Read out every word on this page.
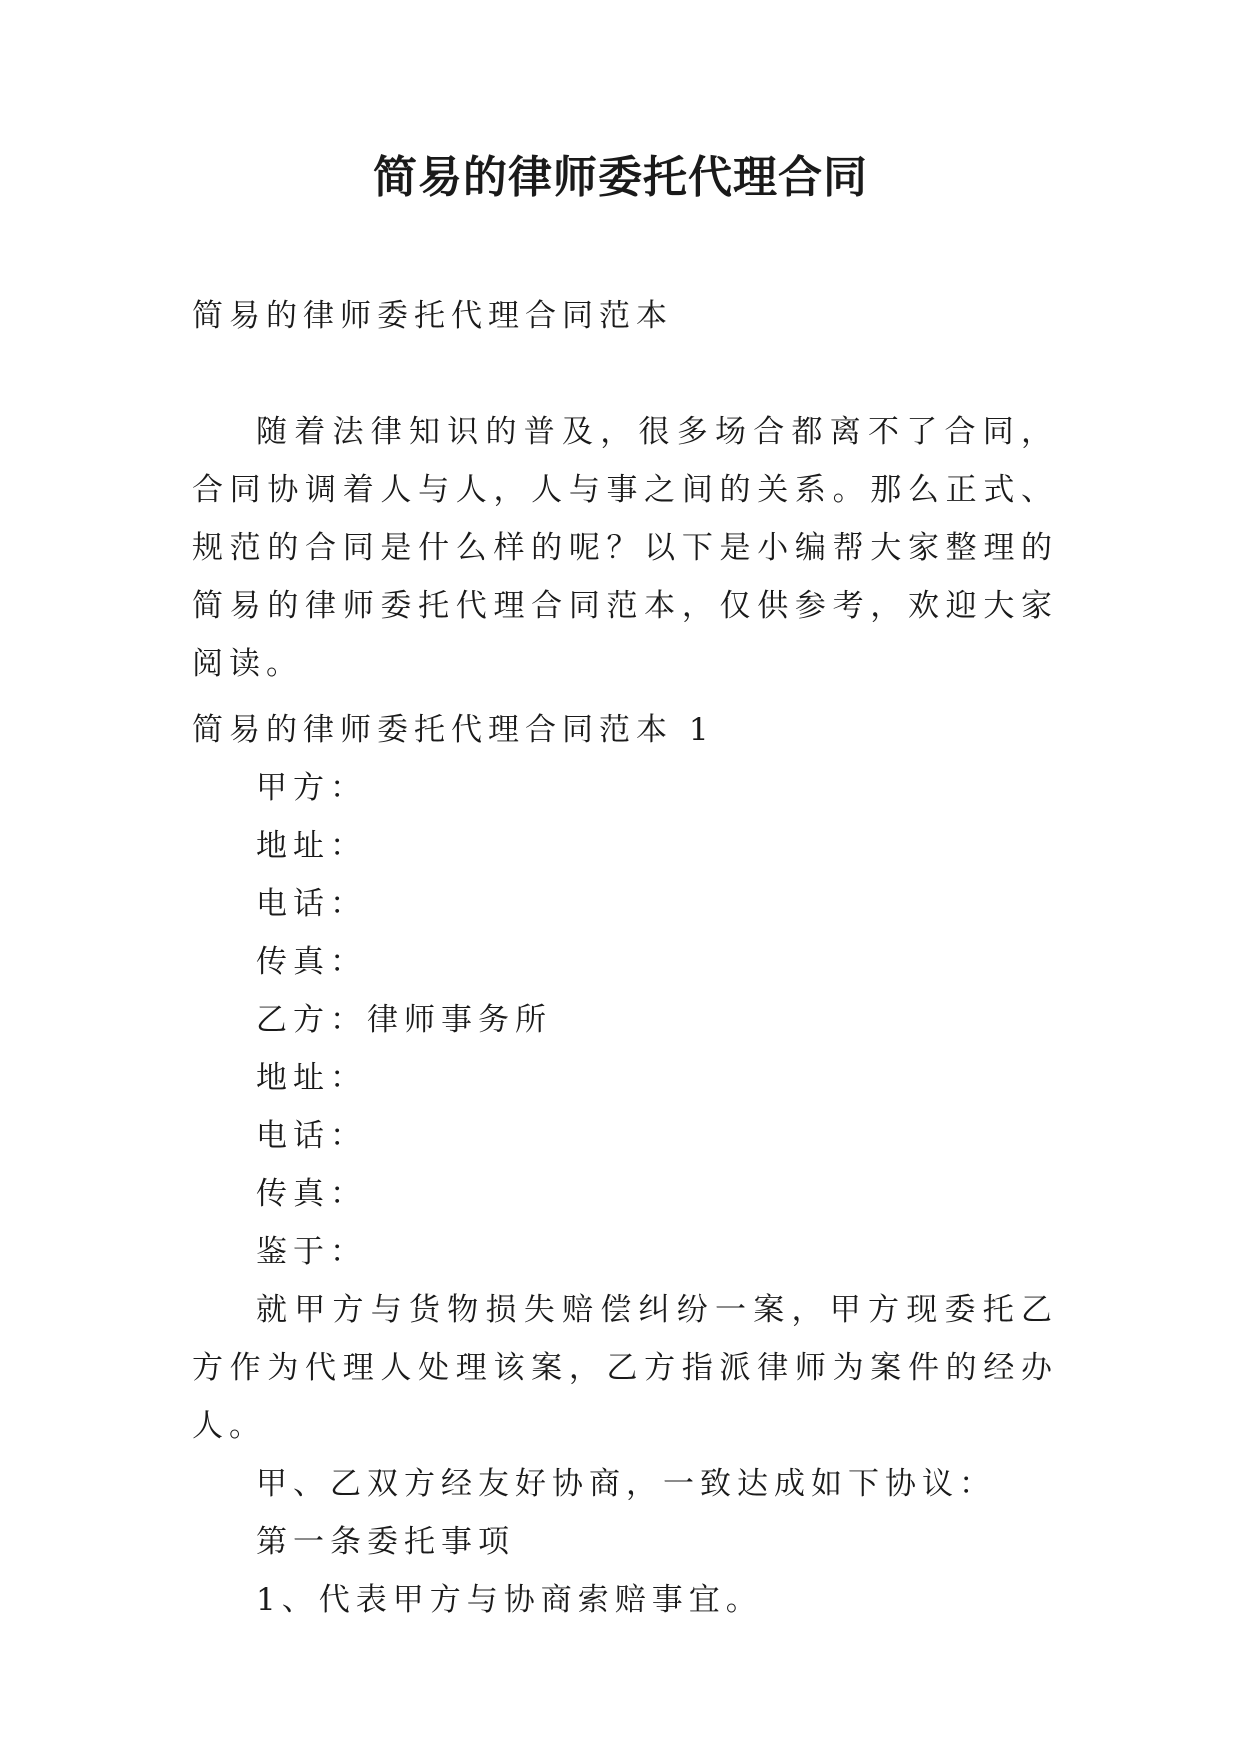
简易的律师委托代理合同

简易的律师委托代理合同范本

随着法律知识的普及，很多场合都离不了合同，合同协调着人与人，人与事之间的关系。那么正式、规范的合同是什么样的呢？以下是小编帮大家整理的简易的律师委托代理合同范本，仅供参考，欢迎大家阅读。

简易的律师委托代理合同范本 1

甲方：

地址：

电话：

传真：

乙方：律师事务所

地址：

电话：

传真：

鉴于：

就甲方与货物损失赔偿纠纷一案，甲方现委托乙方作为代理人处理该案，乙方指派律师为案件的经办人。

甲、乙双方经友好协商，一致达成如下协议：

第一条委托事项

1、代表甲方与协商索赔事宜。
